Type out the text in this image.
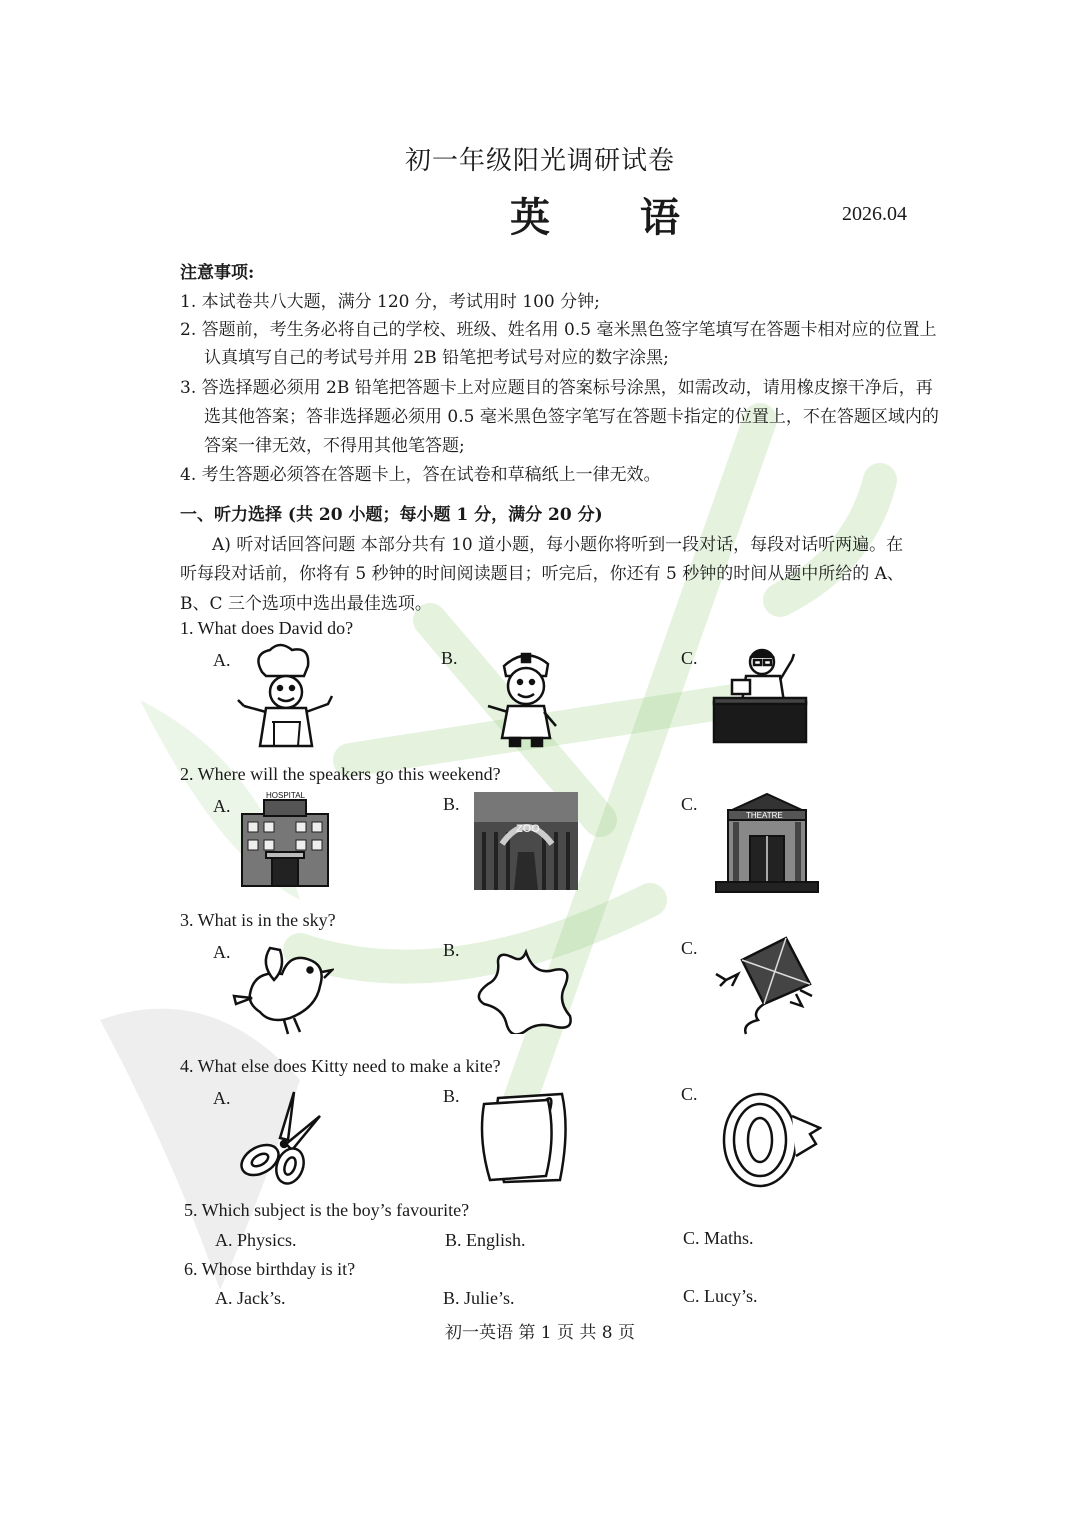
初一年级阳光调研试卷
英 语	2026.04
注意事项:
1. 本试卷共八大题，满分 120 分，考试用时 100 分钟;
2. 答题前，考生务必将自己的学校、班级、姓名用 0.5 毫米黑色签字笔填写在答题卡相对应的位置上
认真填写自己的考试号并用 2B 铅笔把考试号对应的数字涂黑;
3. 答选择题必须用 2B 铅笔把答题卡上对应题目的答案标号涂黑，如需改动，请用橡皮擦干净后，再
选其他答案；答非选择题必须用 0.5 毫米黑色签字笔写在答题卡指定的位置上，不在答题区域内的
答案一律无效，不得用其他笔答题;
4. 考生答题必须答在答题卡上，答在试卷和草稿纸上一律无效。
一、听力选择 (共 20 小题；每小题 1 分，满分 20 分)
A) 听对话回答问题 本部分共有 10 道小题，每小题你将听到一段对话，每段对话听两遍。在
听每段对话前，你将有 5 秒钟的时间阅读题目；听完后，你还有 5 秒钟的时间从题中所给的 A、
B、C 三个选项中选出最佳选项。
1. What does David do?
A.	B.	C.
2. Where will the speakers go this weekend?
A.	B.	C.
HOSPITAL
ZOO
THEATRE
3. What is in the sky?
A.	B.	C.
4. What else does Kitty need to make a kite?
A.	B.	C.
5. Which subject is the boy’s favourite?
A. Physics.	B. English.	C. Maths.
6. Whose birthday is it?
A. Jack’s.	B. Julie’s.	C. Lucy’s.
初一英语 第 1 页 共 8 页
